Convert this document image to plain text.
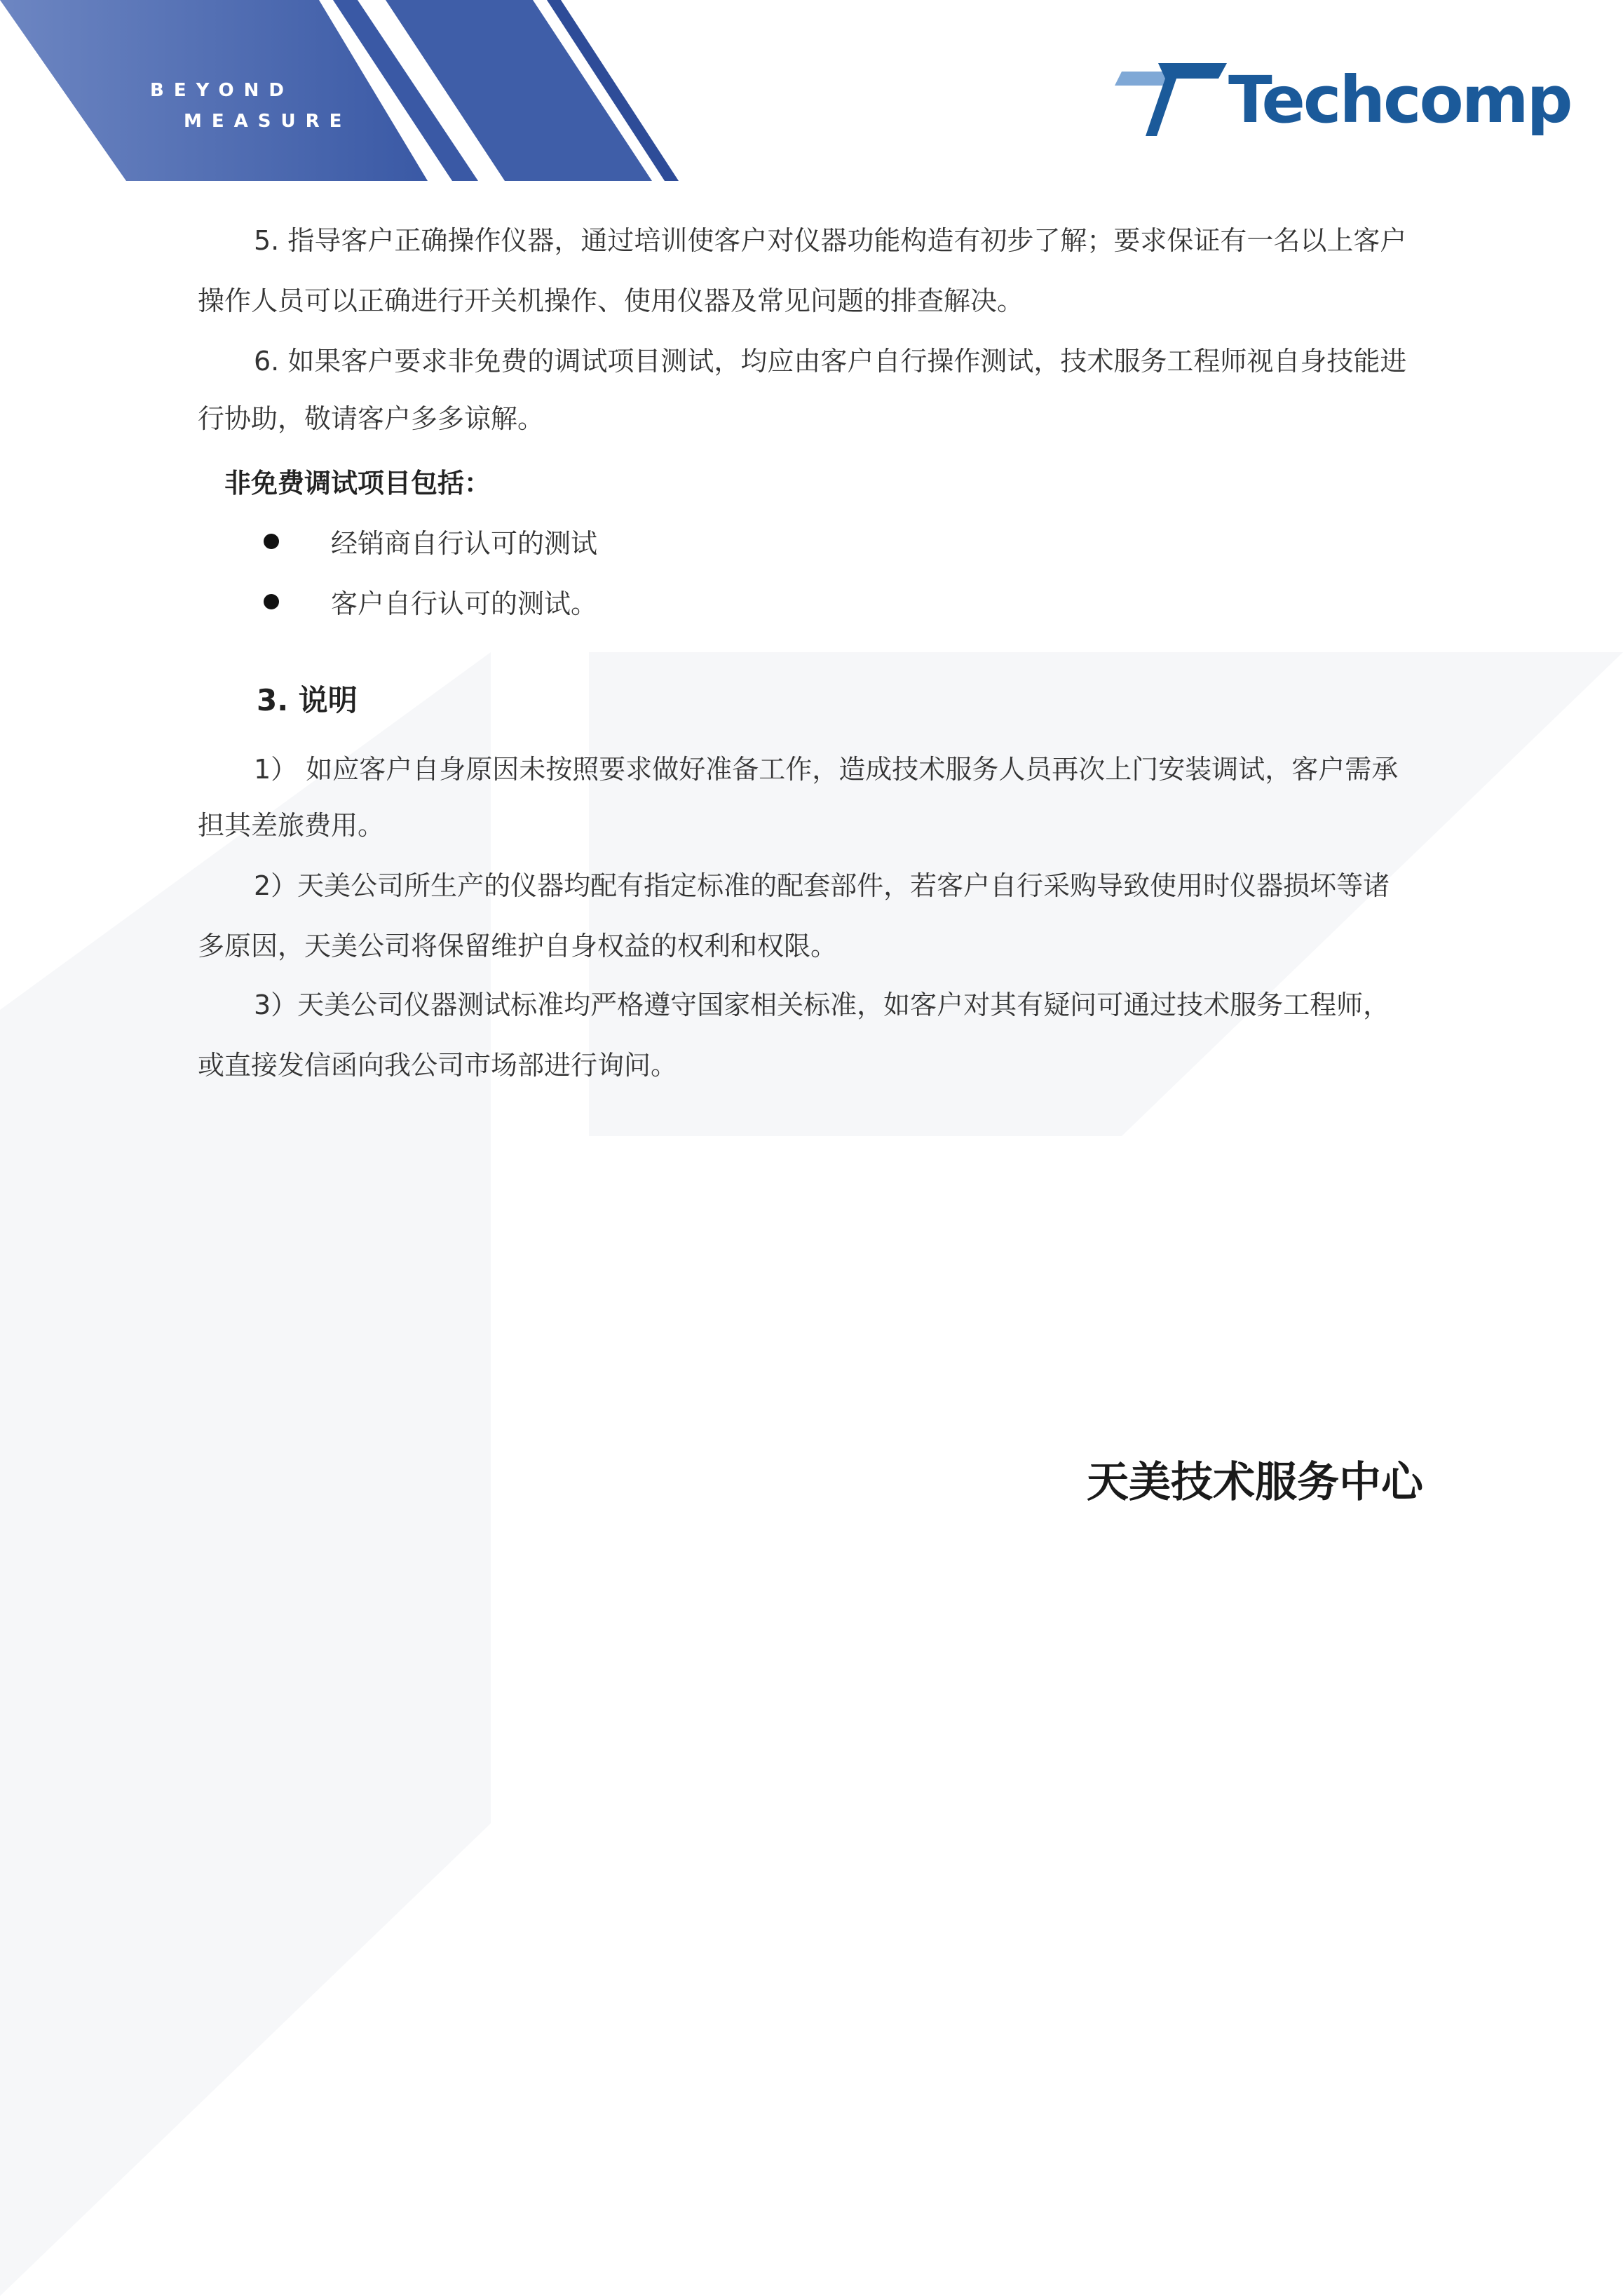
BEYOND

MEASURE	Techcomp
5. 指导客户正确操作仪器，通过培训使客户对仪器功能构造有初步了解；要求保证有一名以上客户
操作人员可以正确进行开关机操作、使用仪器及常见问题的排查解决。
6. 如果客户要求非免费的调试项目测试，均应由客户自行操作测试，技术服务工程师视自身技能进
行协助，敬请客户多多谅解。

非免费调试项目包括：

经销商自行认可的测试
客户自行认可的测试。

3. 说明

1） 如应客户自身原因未按照要求做好准备工作，造成技术服务人员再次上门安装调试，客户需承
担其差旅费用。
2）天美公司所生产的仪器均配有指定标准的配套部件，若客户自行采购导致使用时仪器损坏等诸
多原因，天美公司将保留维护自身权益的权利和权限。
3）天美公司仪器测试标准均严格遵守国家相关标准，如客户对其有疑问可通过技术服务工程师，
或直接发信函向我公司市场部进行询问。

天美技术服务中心
